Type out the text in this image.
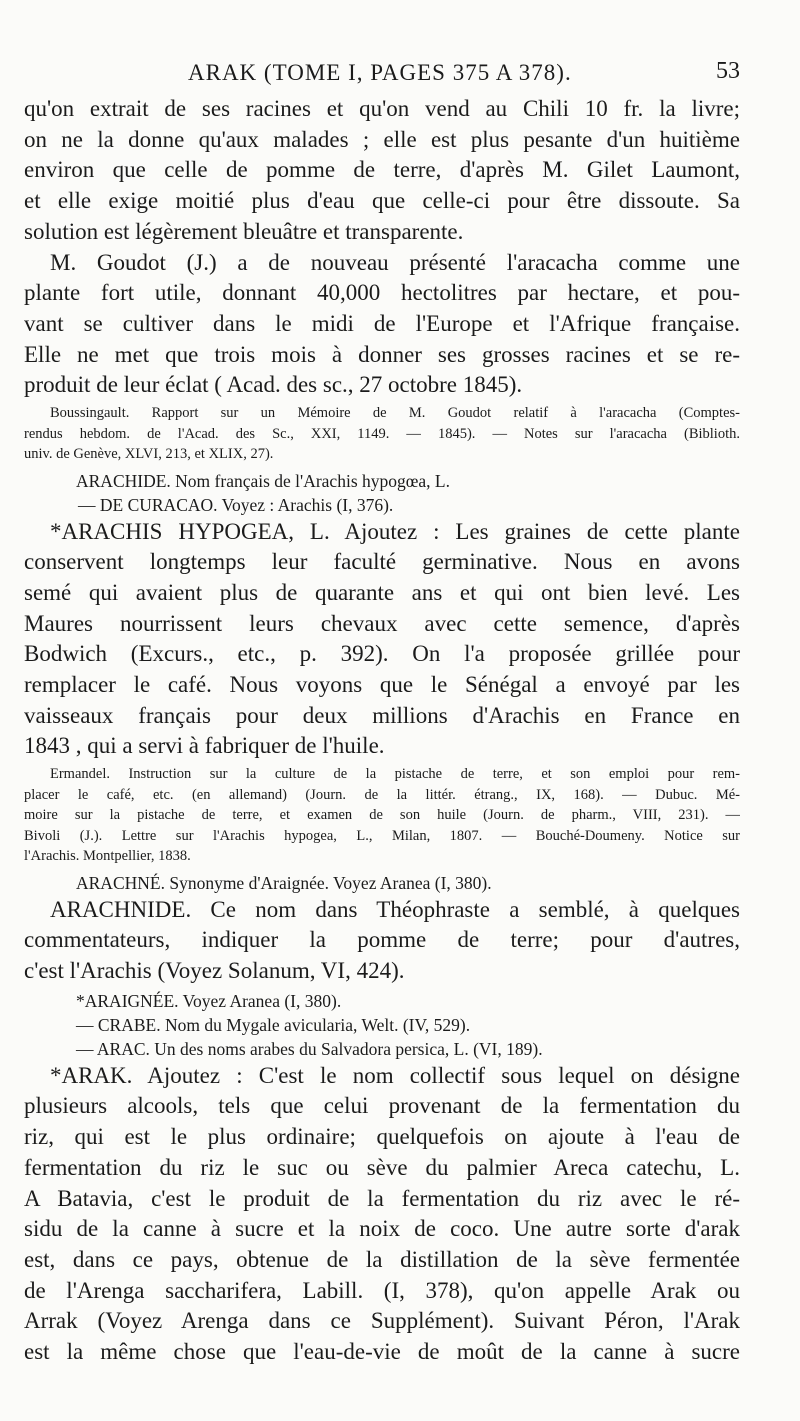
ARAK (TOME I, PAGES 375 A 378).	53
qu'on extrait de ses racines et qu'on vend au Chili 10 fr. la livre;
on ne la donne qu'aux malades ; elle est plus pesante d'un huitième
environ que celle de pomme de terre, d'après M. Gilet Laumont,
et elle exige moitié plus d'eau que celle-ci pour être dissoute. Sa
solution est légèrement bleuâtre et transparente.
M. Goudot (J.) a de nouveau présenté l'aracacha comme une
plante fort utile, donnant 40,000 hectolitres par hectare, et pou-
vant se cultiver dans le midi de l'Europe et l'Afrique française.
Elle ne met que trois mois à donner ses grosses racines et se re-
produit de leur éclat ( Acad. des sc., 27 octobre 1845).
Boussingault. Rapport sur un Mémoire de M. Goudot relatif à l'aracacha (Comptes-
rendus hebdom. de l'Acad. des Sc., XXI, 1149. — 1845). — Notes sur l'aracacha (Biblioth.
univ. de Genève, XLVI, 213, et XLIX, 27).
ARACHIDE. Nom français de l'Arachis hypogœa, L.
— DE CURACAO. Voyez : Arachis (I, 376).
*ARACHIS HYPOGEA, L. Ajoutez : Les graines de cette plante
conservent longtemps leur faculté germinative. Nous en avons
semé qui avaient plus de quarante ans et qui ont bien levé. Les
Maures nourrissent leurs chevaux avec cette semence, d'après
Bodwich (Excurs., etc., p. 392). On l'a proposée grillée pour
remplacer le café. Nous voyons que le Sénégal a envoyé par les
vaisseaux français pour deux millions d'Arachis en France en
1843 , qui a servi à fabriquer de l'huile.
Ermandel. Instruction sur la culture de la pistache de terre, et son emploi pour rem-
placer le café, etc. (en allemand) (Journ. de la littér. étrang., IX, 168). — Dubuc. Mé-
moire sur la pistache de terre, et examen de son huile (Journ. de pharm., VIII, 231). —
Bivoli (J.). Lettre sur l'Arachis hypogea, L., Milan, 1807. — Bouché-Doumeny. Notice sur
l'Arachis. Montpellier, 1838.
ARACHNÉ. Synonyme d'Araignée. Voyez Aranea (I, 380).
ARACHNIDE. Ce nom dans Théophraste a semblé, à quelques
commentateurs, indiquer la pomme de terre; pour d'autres,
c'est l'Arachis (Voyez Solanum, VI, 424).
*ARAIGNÉE. Voyez Aranea (I, 380).
— CRABE. Nom du Mygale avicularia, Welt. (IV, 529).
— ARAC. Un des noms arabes du Salvadora persica, L. (VI, 189).
*ARAK. Ajoutez : C'est le nom collectif sous lequel on désigne
plusieurs alcools, tels que celui provenant de la fermentation du
riz, qui est le plus ordinaire; quelquefois on ajoute à l'eau de
fermentation du riz le suc ou sève du palmier Areca catechu, L.
A Batavia, c'est le produit de la fermentation du riz avec le ré-
sidu de la canne à sucre et la noix de coco. Une autre sorte d'arak
est, dans ce pays, obtenue de la distillation de la sève fermentée
de l'Arenga saccharifera, Labill. (I, 378), qu'on appelle Arak ou
Arrak (Voyez Arenga dans ce Supplément). Suivant Péron, l'Arak
est la même chose que l'eau-de-vie de moût de la canne à sucre
